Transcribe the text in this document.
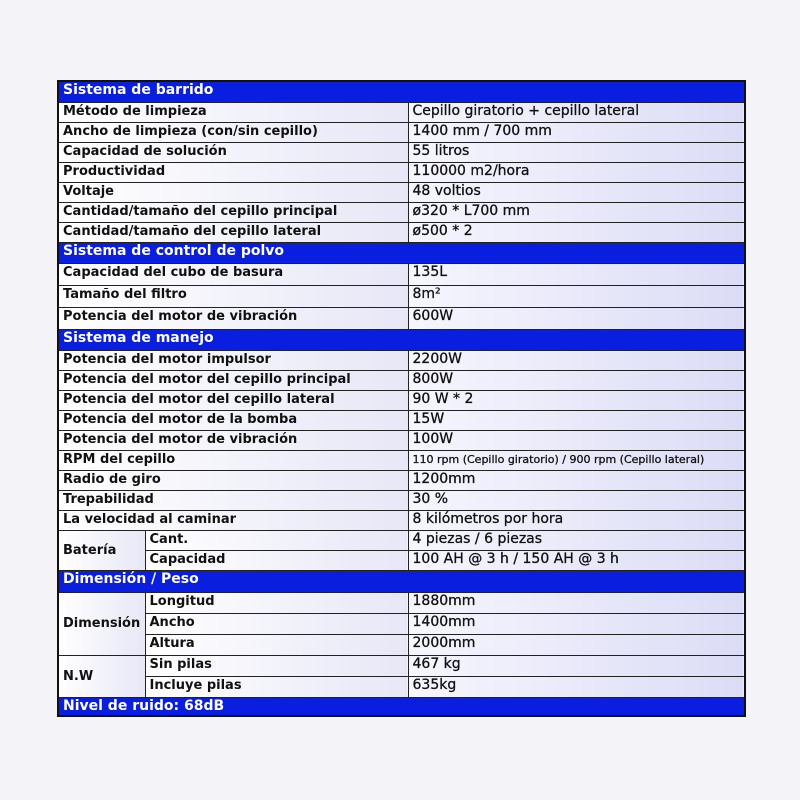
Sistema de barrido		
Método de limpieza		Cepillo giratorio + cepillo lateral
Ancho de limpieza (con/sin cepillo)		1400 mm / 700 mm
Capacidad de solución		55 litros
Productividad		110000 m2/hora
Voltaje		48 voltios
Cantidad/tamaño del cepillo principal		ø320 * L700 mm
Cantidad/tamaño del cepillo lateral		ø500 * 2
Sistema de control de polvo		
Capacidad del cubo de basura		135L
Tamaño del filtro		8m²
Potencia del motor de vibración		600W
Sistema de manejo		
Potencia del motor impulsor		2200W
Potencia del motor del cepillo principal		800W
Potencia del motor del cepillo lateral		90 W * 2
Potencia del motor de la bomba		15W
Potencia del motor de vibración		100W
RPM del cepillo		110 rpm (Cepillo giratorio) / 900 rpm (Cepillo lateral)
Radio de giro		1200mm
Trepabilidad		30 %
La velocidad al caminar		8 kilómetros por hora
Batería	Cant.	4 piezas / 6 piezas
	Capacidad	100 AH @ 3 h / 150 AH @ 3 h
Dimensión / Peso		
Dimensión	Longitud	1880mm
	Ancho	1400mm
	Altura	2000mm
N.W	Sin pilas	467 kg
	Incluye pilas	635kg
Nivel de ruido: 68dB		
